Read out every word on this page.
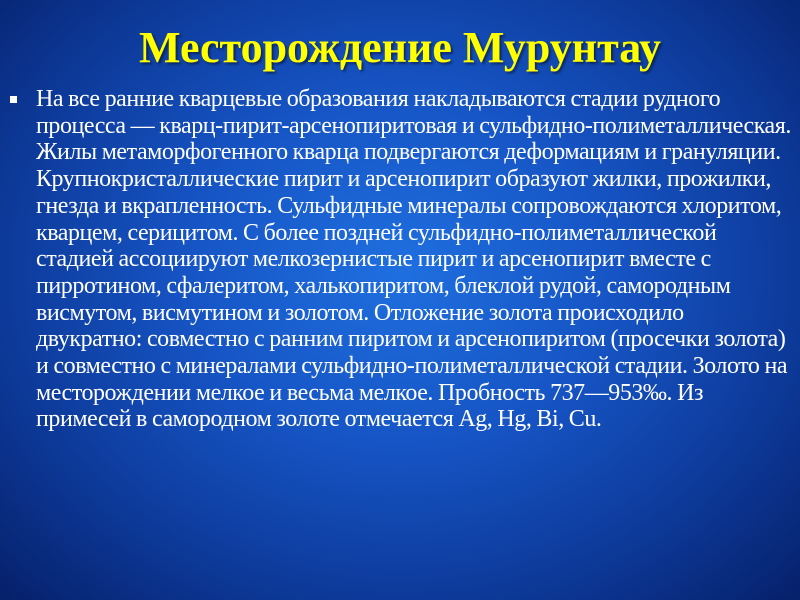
Месторождение Мурунтау
На все ранние кварцевые образования накладываются стадии рудного процесса — кварц-пирит-арсенопиритовая и сульфидно-полиметаллическая. Жилы метаморфогенного кварца подвергаются деформациям и грануляции. Крупнокристаллические пирит и арсенопирит образуют жилки, прожилки, гнезда и вкрапленность. Сульфидные минералы сопровождаются хлоритом, кварцем, серицитом. С более поздней сульфидно-полиметаллической стадией ассоциируют мелкозернистые пирит и арсенопирит вместе с пирротином, сфалеритом, халькопиритом, блеклой рудой, самородным висмутом, висмутином и золотом. Отложение золота происходило двукратно: совместно с ранним пиритом и арсенопиритом (просечки золота) и совместно с минералами сульфидно-полиметаллической стадии. Золото на месторождении мелкое и весьма мелкое. Пробность 737—953‰. Из примесей в самородном золоте отмечается Ag, Hg, Bi, Cu.
